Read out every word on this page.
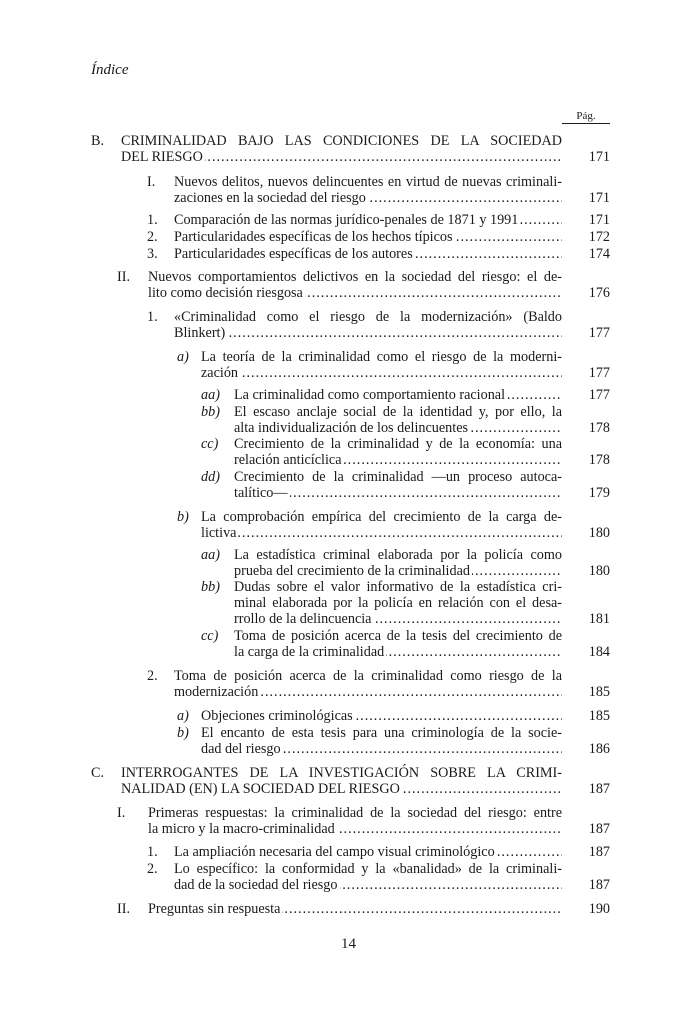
Índice
Pág.
B. CRIMINALIDAD BAJO LAS CONDICIONES DE LA SOCIEDAD
DEL RIESGO .....	171
I. Nuevos delitos, nuevos delincuentes en virtud de nuevas criminali-
zaciones en la sociedad del riesgo .....	171
1. Comparación de las normas jurídico-penales de 1871 y 1991 .....	171
2. Particularidades específicas de los hechos típicos .....	172
3. Particularidades específicas de los autores .....	174
II. Nuevos comportamientos delictivos en la sociedad del riesgo: el de-
lito como decisión riesgosa .....	176
1. «Criminalidad como el riesgo de la modernización» (Baldo
Blinkert) .....	177
a) La teoría de la criminalidad como el riesgo de la moderni-
zación .....	177
aa) La criminalidad como comportamiento racional .....	177
bb) El escaso anclaje social de la identidad y, por ello, la
alta individualización de los delincuentes .....	178
cc) Crecimiento de la criminalidad y de la economía: una
relación anticíclica .....	178
dd) Crecimiento de la criminalidad —un proceso autoca-
talítico— .....	179
b) La comprobación empírica del crecimiento de la carga de-
lictiva .....	180
aa) La estadística criminal elaborada por la policía como
prueba del crecimiento de la criminalidad .....	180
bb) Dudas sobre el valor informativo de la estadística cri-
minal elaborada por la policía en relación con el desa-
rrollo de la delincuencia .....	181
cc) Toma de posición acerca de la tesis del crecimiento de
la carga de la criminalidad .....	184
2. Toma de posición acerca de la criminalidad como riesgo de la
modernización .....	185
a) Objeciones criminológicas .....	185
b) El encanto de esta tesis para una criminología de la socie-
dad del riesgo .....	186
C. INTERROGANTES DE LA INVESTIGACIÓN SOBRE LA CRIMI-
NALIDAD (EN) LA SOCIEDAD DEL RIESGO .....	187
I. Primeras respuestas: la criminalidad de la sociedad del riesgo: entre
la micro y la macro-criminalidad .....	187
1. La ampliación necesaria del campo visual criminológico .....	187
2. Lo específico: la conformidad y la «banalidad» de la criminali-
dad de la sociedad del riesgo .....	187
II. Preguntas sin respuesta .....	190
14
